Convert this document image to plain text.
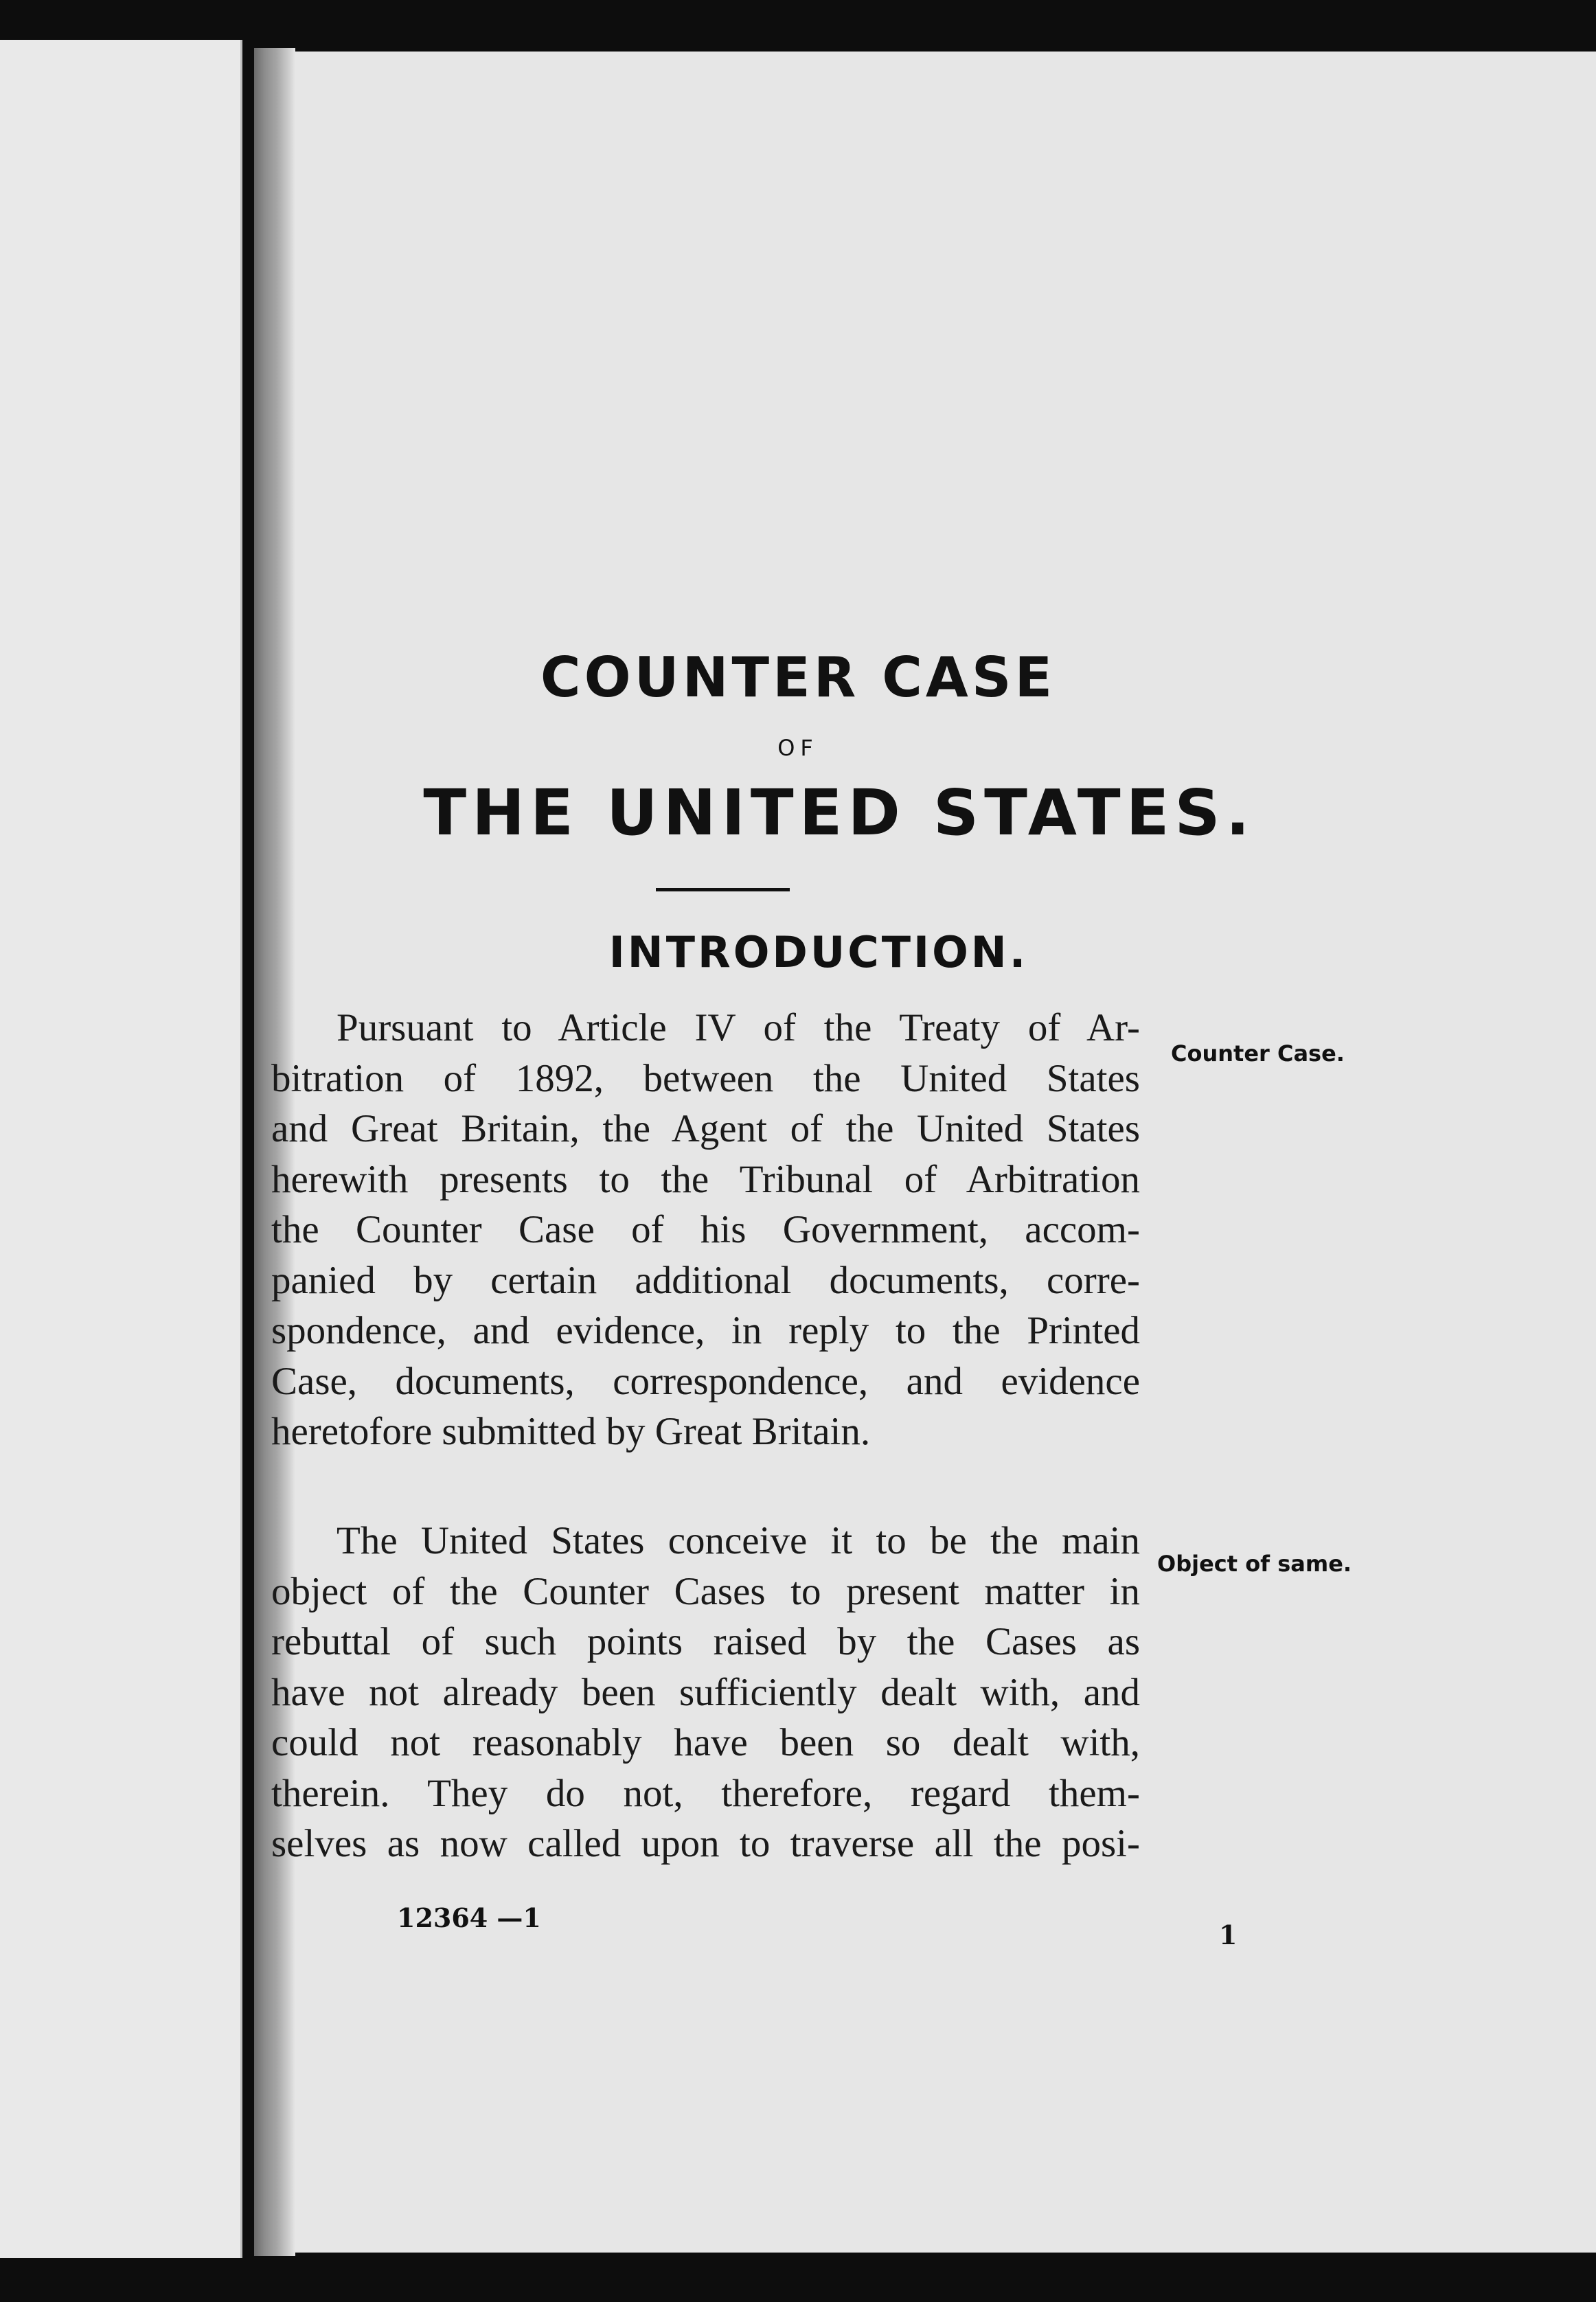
COUNTER CASE
OF
THE UNITED STATES.
INTRODUCTION.
Pursuant to Article IV of the Treaty of Ar-
bitration of 1892, between the United States
and Great Britain, the Agent of the United States
herewith presents to the Tribunal of Arbitration
the Counter Case of his Government, accom-
panied by certain additional documents, corre-
spondence, and evidence, in reply to the Printed
Case, documents, correspondence, and evidence
heretofore submitted by Great Britain.
The United States conceive it to be the main
object of the Counter Cases to present matter in
rebuttal of such points raised by the Cases as
have not already been sufficiently dealt with, and
could not reasonably have been so dealt with,
therein. They do not, therefore, regard them-
selves as now called upon to traverse all the posi-
Counter Case.
Object of same.
12364 —1
1
